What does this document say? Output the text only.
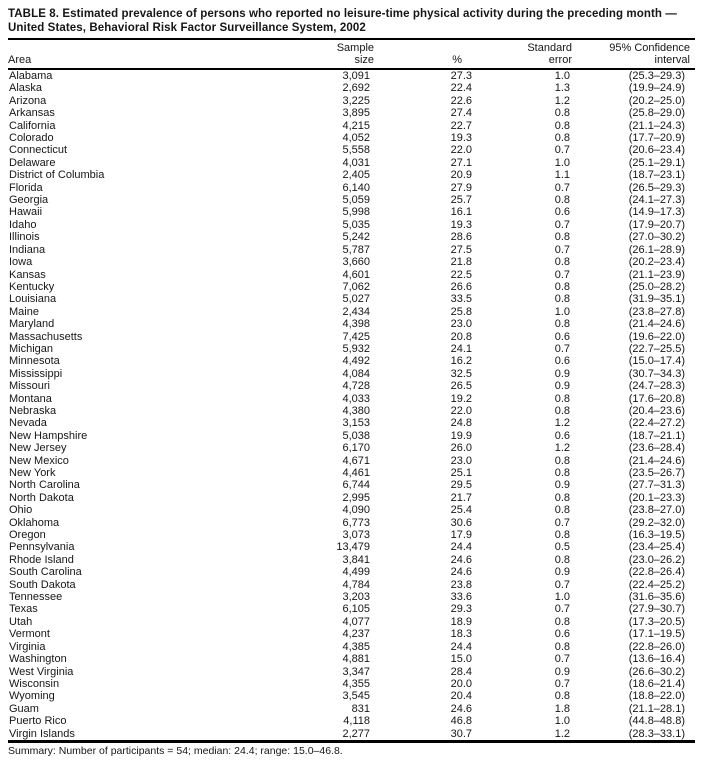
TABLE 8. Estimated prevalence of persons who reported no leisure-time physical activity during the preceding month — United States, Behavioral Risk Factor Surveillance System, 2002
	Sample		Standard	95% Confidence
Area	size	%	error	interval
Alabama	3,091	27.3	1.0	(25.3–29.3)
Alaska	2,692	22.4	1.3	(19.9–24.9)
Arizona	3,225	22.6	1.2	(20.2–25.0)
Arkansas	3,895	27.4	0.8	(25.8–29.0)
California	4,215	22.7	0.8	(21.1–24.3)
Colorado	4,052	19.3	0.8	(17.7–20.9)
Connecticut	5,558	22.0	0.7	(20.6–23.4)
Delaware	4,031	27.1	1.0	(25.1–29.1)
District of Columbia	2,405	20.9	1.1	(18.7–23.1)
Florida	6,140	27.9	0.7	(26.5–29.3)
Georgia	5,059	25.7	0.8	(24.1–27.3)
Hawaii	5,998	16.1	0.6	(14.9–17.3)
Idaho	5,035	19.3	0.7	(17.9–20.7)
Illinois	5,242	28.6	0.8	(27.0–30.2)
Indiana	5,787	27.5	0.7	(26.1–28.9)
Iowa	3,660	21.8	0.8	(20.2–23.4)
Kansas	4,601	22.5	0.7	(21.1–23.9)
Kentucky	7,062	26.6	0.8	(25.0–28.2)
Louisiana	5,027	33.5	0.8	(31.9–35.1)
Maine	2,434	25.8	1.0	(23.8–27.8)
Maryland	4,398	23.0	0.8	(21.4–24.6)
Massachusetts	7,425	20.8	0.6	(19.6–22.0)
Michigan	5,932	24.1	0.7	(22.7–25.5)
Minnesota	4,492	16.2	0.6	(15.0–17.4)
Mississippi	4,084	32.5	0.9	(30.7–34.3)
Missouri	4,728	26.5	0.9	(24.7–28.3)
Montana	4,033	19.2	0.8	(17.6–20.8)
Nebraska	4,380	22.0	0.8	(20.4–23.6)
Nevada	3,153	24.8	1.2	(22.4–27.2)
New Hampshire	5,038	19.9	0.6	(18.7–21.1)
New Jersey	6,170	26.0	1.2	(23.6–28.4)
New Mexico	4,671	23.0	0.8	(21.4–24.6)
New York	4,461	25.1	0.8	(23.5–26.7)
North Carolina	6,744	29.5	0.9	(27.7–31.3)
North Dakota	2,995	21.7	0.8	(20.1–23.3)
Ohio	4,090	25.4	0.8	(23.8–27.0)
Oklahoma	6,773	30.6	0.7	(29.2–32.0)
Oregon	3,073	17.9	0.8	(16.3–19.5)
Pennsylvania	13,479	24.4	0.5	(23.4–25.4)
Rhode Island	3,841	24.6	0.8	(23.0–26.2)
South Carolina	4,499	24.6	0.9	(22.8–26.4)
South Dakota	4,784	23.8	0.7	(22.4–25.2)
Tennessee	3,203	33.6	1.0	(31.6–35.6)
Texas	6,105	29.3	0.7	(27.9–30.7)
Utah	4,077	18.9	0.8	(17.3–20.5)
Vermont	4,237	18.3	0.6	(17.1–19.5)
Virginia	4,385	24.4	0.8	(22.8–26.0)
Washington	4,881	15.0	0.7	(13.6–16.4)
West Virginia	3,347	28.4	0.9	(26.6–30.2)
Wisconsin	4,355	20.0	0.7	(18.6–21.4)
Wyoming	3,545	20.4	0.8	(18.8–22.0)
Guam	831	24.6	1.8	(21.1–28.1)
Puerto Rico	4,118	46.8	1.0	(44.8–48.8)
Virgin Islands	2,277	30.7	1.2	(28.3–33.1)
Summary: Number of participants = 54; median: 24.4; range: 15.0–46.8.
